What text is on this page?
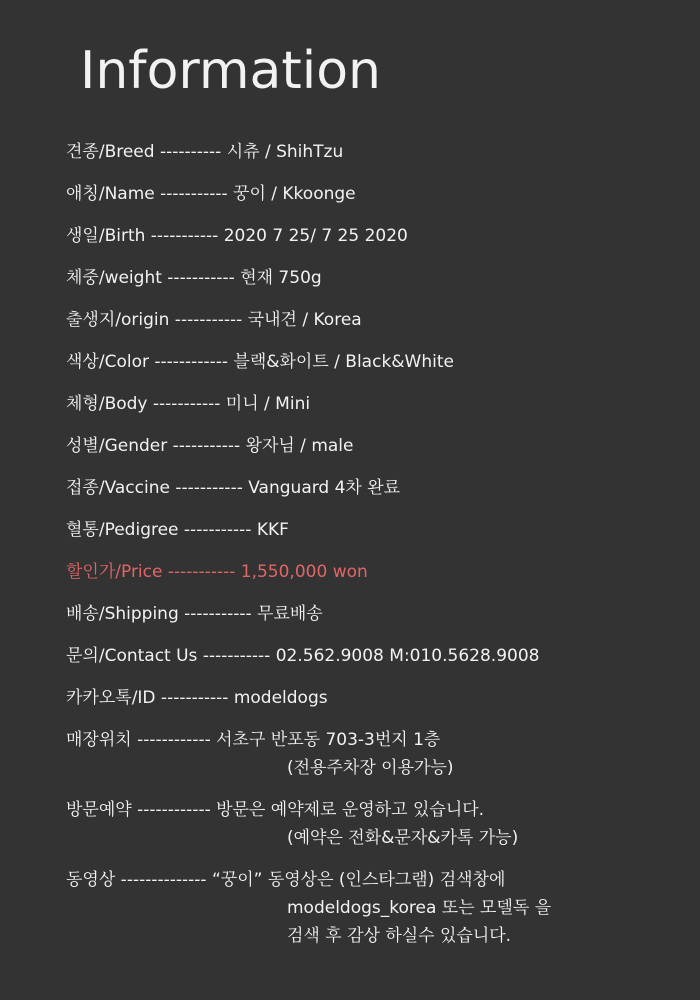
Information
견종/Breed ---------- 시츄 / ShihTzu
애칭/Name ----------- 꿍이 / Kkoonge
생일/Birth ----------- 2020 7 25/ 7 25 2020
체중/weight ----------- 현재 750g
출생지/origin ----------- 국내견 / Korea
색상/Color ------------ 블랙&화이트 / Black&White
체형/Body ----------- 미니 / Mini
성별/Gender ----------- 왕자님 / male
접종/Vaccine ----------- Vanguard 4차 완료
혈통/Pedigree ----------- KKF
할인가/Price ----------- 1,550,000 won
배송/Shipping ----------- 무료배송
문의/Contact Us ----------- 02.562.9008 M:010.5628.9008
카카오톡/ID ----------- modeldogs
매장위치 ------------ 서초구 반포동 703-3번지 1층
(전용주차장 이용가능)
방문예약 ------------ 방문은 예약제로 운영하고 있습니다.
(예약은 전화&문자&카톡 가능)
동영상 -------------- “꿍이” 동영상은 (인스타그램) 검색창에
modeldogs_korea 또는 모델독 을
검색 후 감상 하실수 있습니다.
